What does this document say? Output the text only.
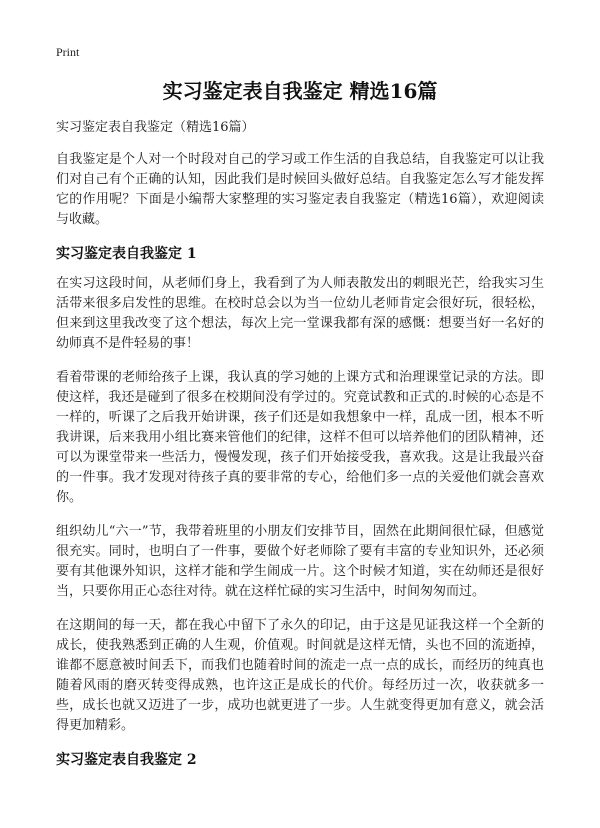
Print
实习鉴定表自我鉴定 精选16篇
实习鉴定表自我鉴定（精选16篇）

自我鉴定是个人对一个时段对自己的学习或工作生活的自我总结，自我鉴定可以让我们对自己有个正确的认知，因此我们是时候回头做好总结。自我鉴定怎么写才能发挥它的作用呢？下面是小编帮大家整理的实习鉴定表自我鉴定（精选16篇），欢迎阅读与收藏。

实习鉴定表自我鉴定 1

在实习这段时间，从老师们身上，我看到了为人师表散发出的刺眼光芒，给我实习生活带来很多启发性的思维。在校时总会以为当一位幼儿老师肯定会很好玩，很轻松，但来到这里我改变了这个想法，每次上完一堂课我都有深的感慨：想要当好一名好的幼师真不是件轻易的事！

看着带课的老师给孩子上课，我认真的学习她的上课方式和治理课堂记录的方法。即使这样，我还是碰到了很多在校期间没有学过的。究竟试教和正式的.时候的心态是不一样的，听课了之后我开始讲课，孩子们还是如我想象中一样，乱成一团，根本不听我讲课，后来我用小组比赛来管他们的纪律，这样不但可以培养他们的团队精神，还可以为课堂带来一些活力，慢慢发现，孩子们开始接受我，喜欢我。这是让我最兴奋的一件事。我才发现对待孩子真的要非常的专心，给他们多一点的关爱他们就会喜欢你。

组织幼儿“六一”节，我带着班里的小朋友们安排节目，固然在此期间很忙碌，但感觉很充实。同时，也明白了一件事，要做个好老师除了要有丰富的专业知识外，还必须要有其他课外知识，这样才能和学生闹成一片。这个时候才知道，实在幼师还是很好当，只要你用正心态往对待。就在这样忙碌的实习生活中，时间匆匆而过。

在这期间的每一天，都在我心中留下了永久的印记，由于这是见证我这样一个全新的成长，使我熟悉到正确的人生观，价值观。时间就是这样无情，头也不回的流逝掉，谁都不愿意被时间丢下，而我们也随着时间的流走一点一点的成长，而经历的纯真也随着风雨的磨灭转变得成熟，也许这正是成长的代价。每经历过一次，收获就多一些，成长也就又迈进了一步，成功也就更进了一步。人生就变得更加有意义，就会活得更加精彩。

实习鉴定表自我鉴定 2
